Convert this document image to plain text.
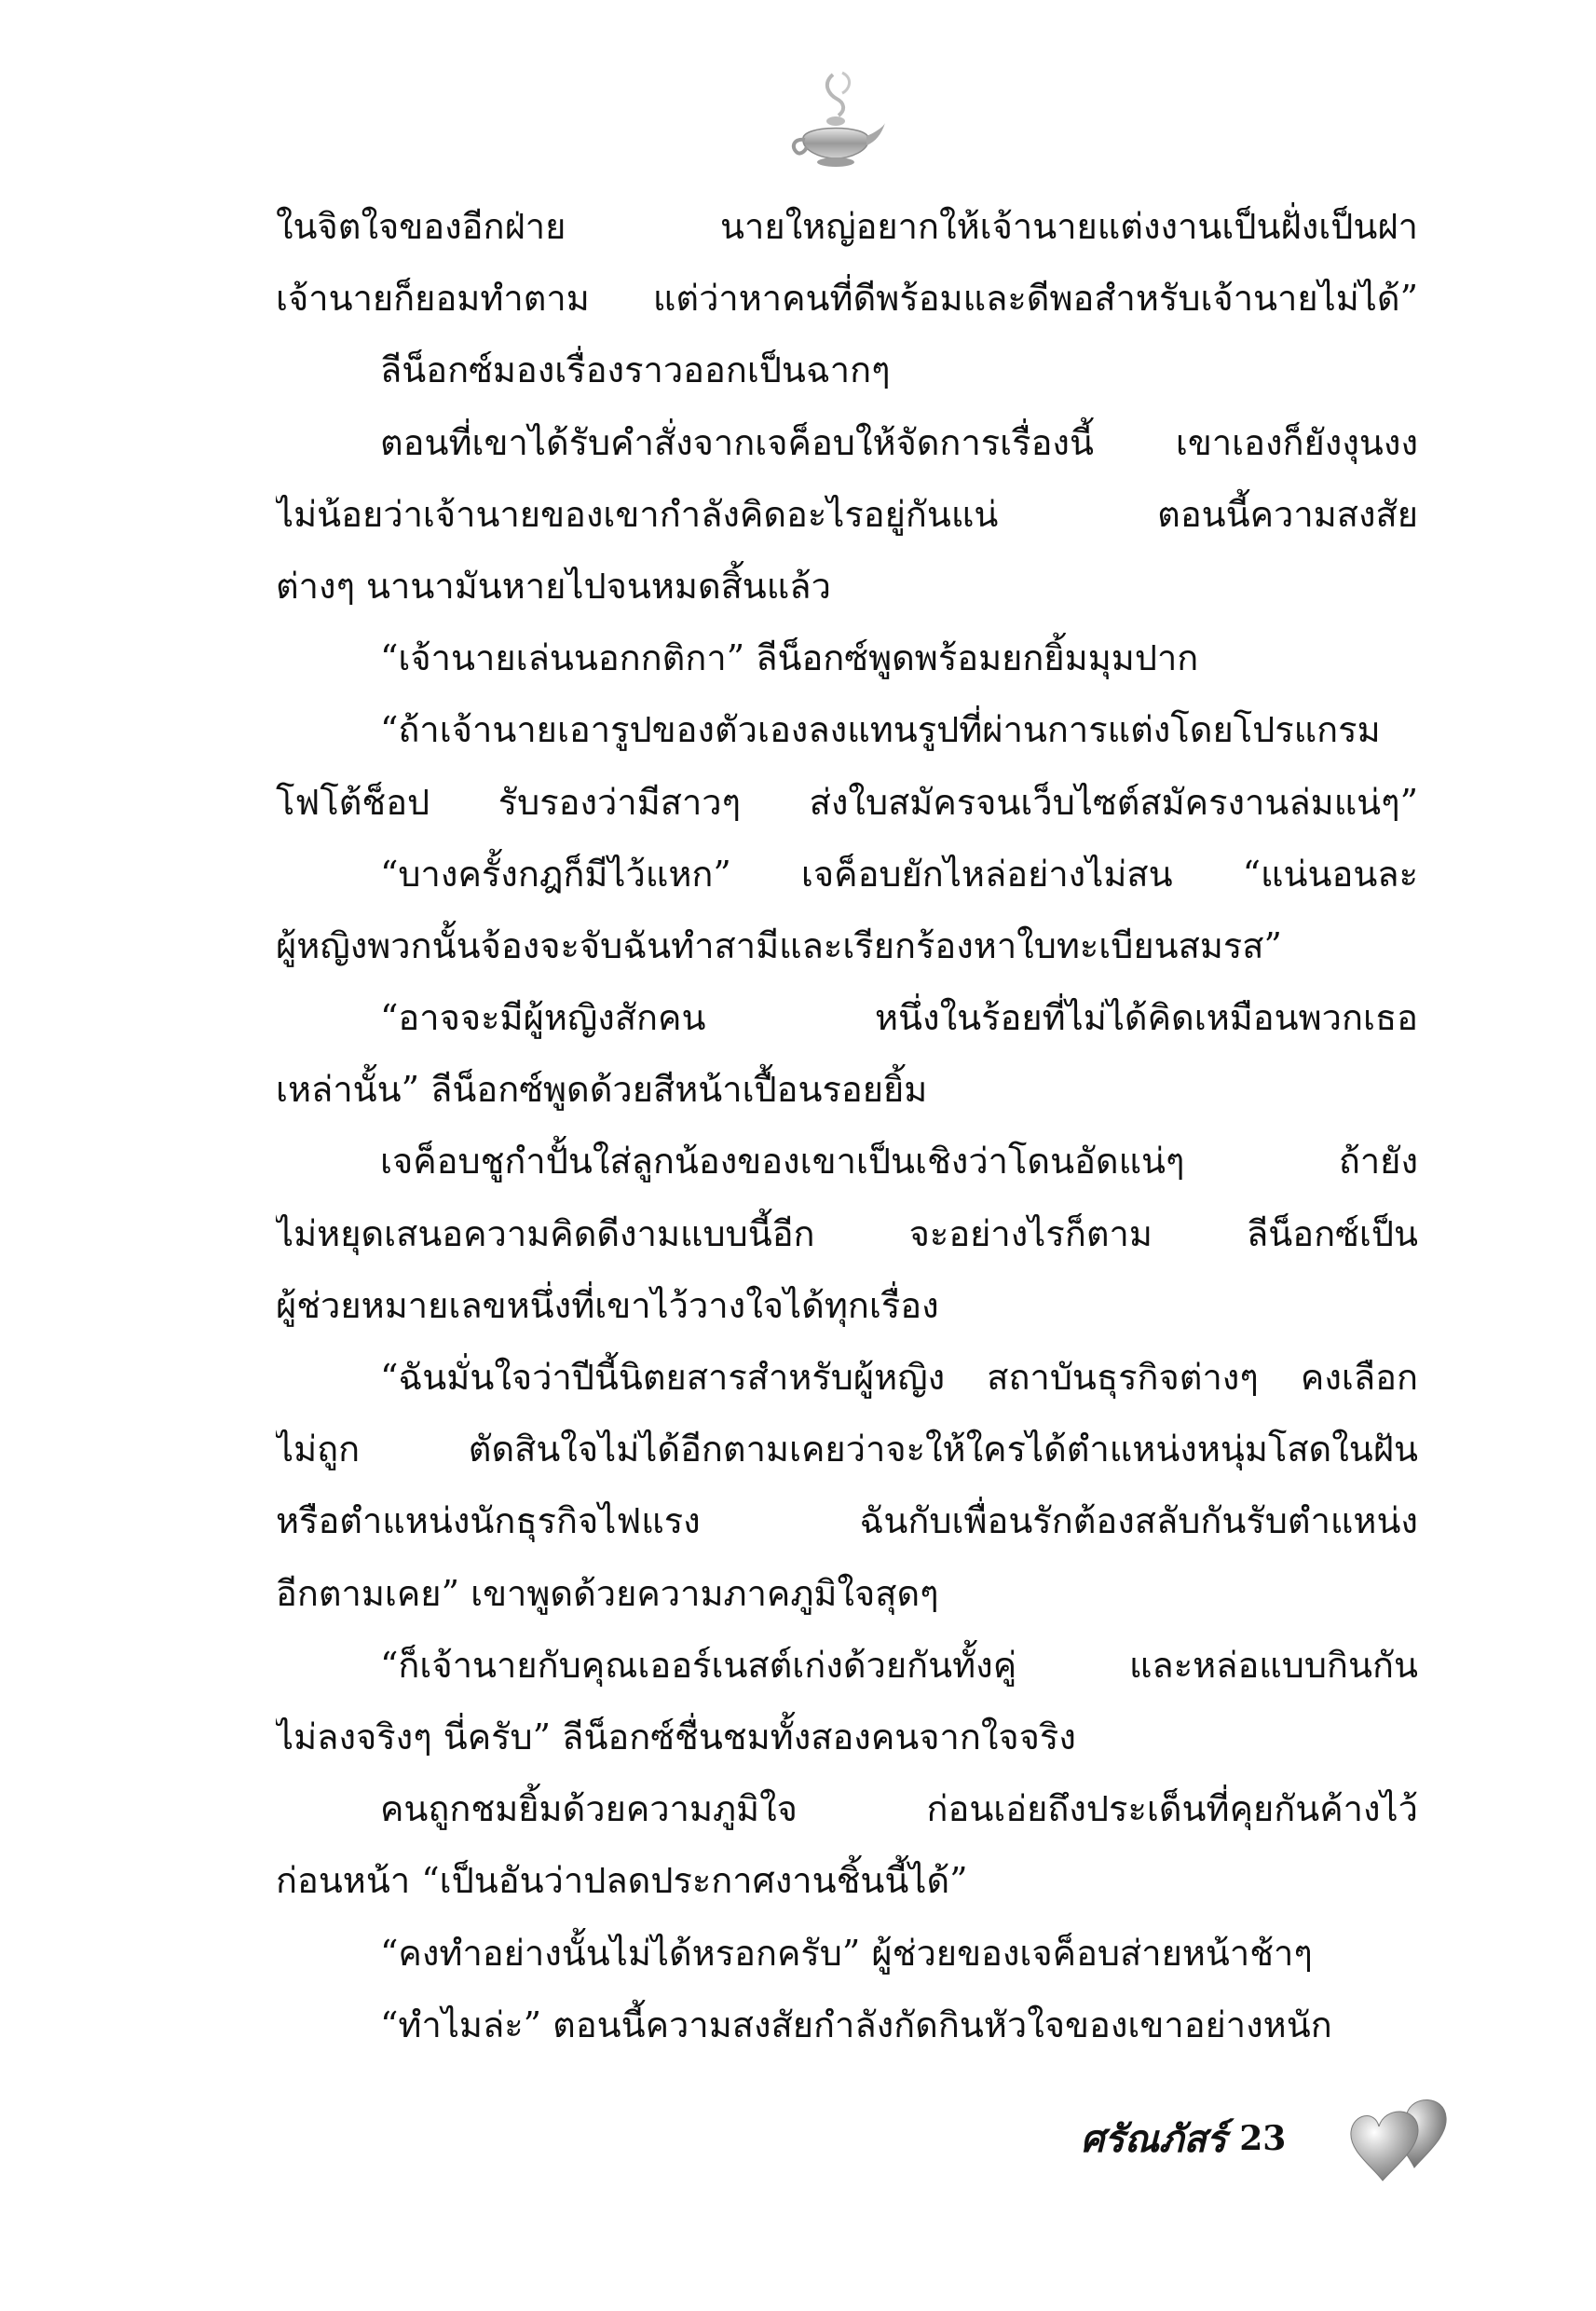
ในจิตใจของอีกฝ่าย นายใหญ่อยากให้เจ้านายแต่งงานเป็นฝั่งเป็นฝา
เจ้านายก็ยอมทำตาม แต่ว่าหาคนที่ดีพร้อมและดีพอสำหรับเจ้านายไม่ได้”
ลีน็อกซ์มองเรื่องราวออกเป็นฉากๆ
ตอนที่เขาได้รับคำสั่งจากเจค็อบให้จัดการเรื่องนี้ เขาเองก็ยังงุนงง
ไม่น้อยว่าเจ้านายของเขากำลังคิดอะไรอยู่กันแน่ ตอนนี้ความสงสัย
ต่างๆ นานามันหายไปจนหมดสิ้นแล้ว
“เจ้านายเล่นนอกกติกา” ลีน็อกซ์พูดพร้อมยกยิ้มมุมปาก
“ถ้าเจ้านายเอารูปของตัวเองลงแทนรูปที่ผ่านการแต่งโดยโปรแกรม
โฟโต้ช็อป รับรองว่ามีสาวๆ ส่งใบสมัครจนเว็บไซต์สมัครงานล่มแน่ๆ”
“บางครั้งกฎก็มีไว้แหก” เจค็อบยักไหล่อย่างไม่สน “แน่นอนละ
ผู้หญิงพวกนั้นจ้องจะจับฉันทำสามีและเรียกร้องหาใบทะเบียนสมรส”
“อาจจะมีผู้หญิงสักคน หนึ่งในร้อยที่ไม่ได้คิดเหมือนพวกเธอ
เหล่านั้น” ลีน็อกซ์พูดด้วยสีหน้าเปื้อนรอยยิ้ม
เจค็อบชูกำปั้นใส่ลูกน้องของเขาเป็นเชิงว่าโดนอัดแน่ๆ ถ้ายัง
ไม่หยุดเสนอความคิดดีงามแบบนี้อีก จะอย่างไรก็ตาม ลีน็อกซ์เป็น
ผู้ช่วยหมายเลขหนึ่งที่เขาไว้วางใจได้ทุกเรื่อง
“ฉันมั่นใจว่าปีนี้นิตยสารสำหรับผู้หญิง สถาบันธุรกิจต่างๆ คงเลือก
ไม่ถูก ตัดสินใจไม่ได้อีกตามเคยว่าจะให้ใครได้ตำแหน่งหนุ่มโสดในฝัน
หรือตำแหน่งนักธุรกิจไฟแรง ฉันกับเพื่อนรักต้องสลับกันรับตำแหน่ง
อีกตามเคย” เขาพูดด้วยความภาคภูมิใจสุดๆ
“ก็เจ้านายกับคุณเออร์เนสต์เก่งด้วยกันทั้งคู่ และหล่อแบบกินกัน
ไม่ลงจริงๆ นี่ครับ” ลีน็อกซ์ชื่นชมทั้งสองคนจากใจจริง
คนถูกชมยิ้มด้วยความภูมิใจ ก่อนเอ่ยถึงประเด็นที่คุยกันค้างไว้
ก่อนหน้า “เป็นอันว่าปลดประกาศงานชิ้นนี้ได้”
“คงทำอย่างนั้นไม่ได้หรอกครับ” ผู้ช่วยของเจค็อบส่ายหน้าช้าๆ
“ทำไมล่ะ” ตอนนี้ความสงสัยกำลังกัดกินหัวใจของเขาอย่างหนัก
ศรัณภัสร์ 23
